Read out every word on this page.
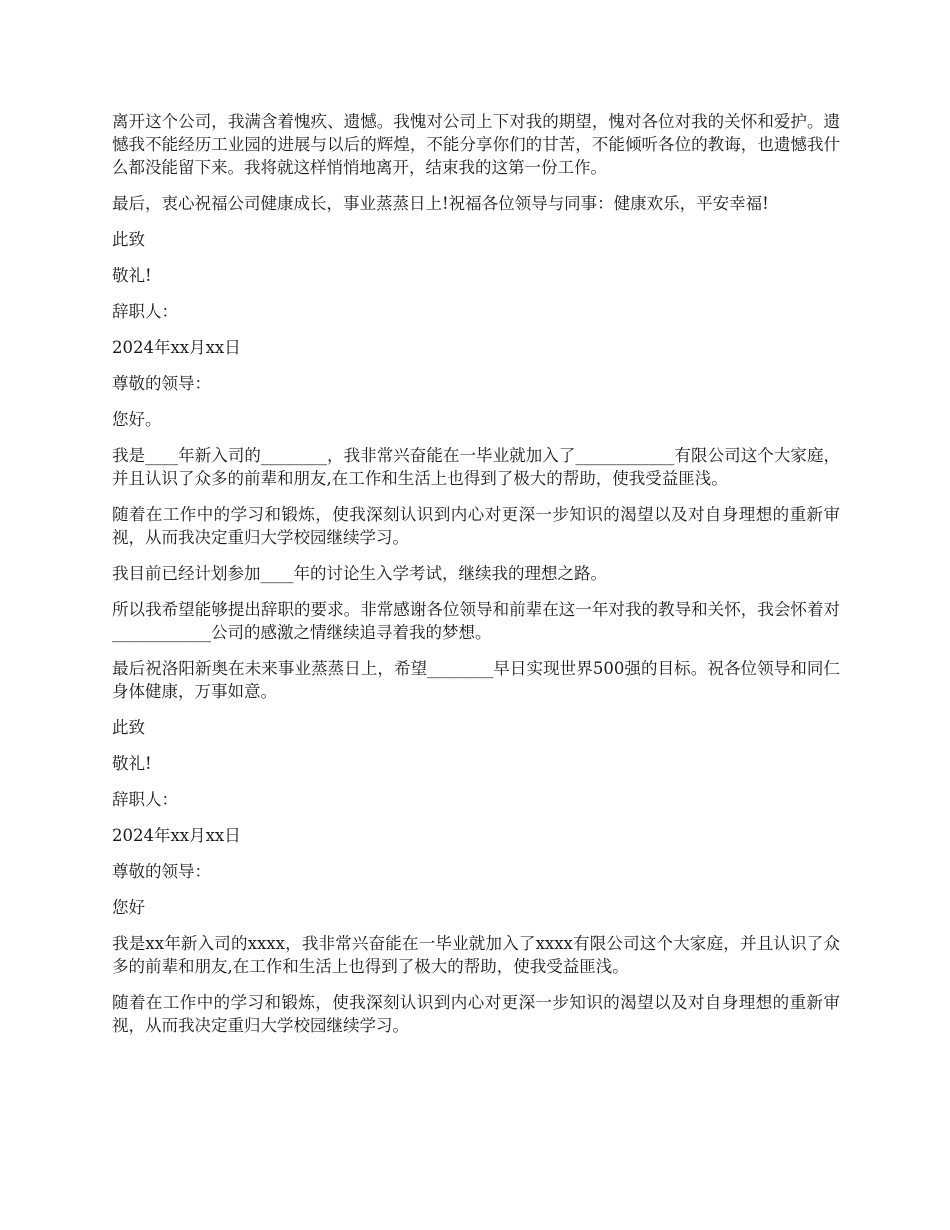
离开这个公司，我满含着愧疚、遗憾。我愧对公司上下对我的期望，愧对各位对我的关怀和爱护。遗憾我不能经历工业园的进展与以后的辉煌，不能分享你们的甘苦，不能倾听各位的教诲，也遗憾我什么都没能留下来。我将就这样悄悄地离开，结束我的这第一份工作。

最后，衷心祝福公司健康成长，事业蒸蒸日上!祝福各位领导与同事：健康欢乐，平安幸福!

此致

敬礼!

辞职人：

2024年xx月xx日

尊敬的领导：

您好。

我是____年新入司的________，我非常兴奋能在一毕业就加入了____________有限公司这个大家庭，并且认识了众多的前辈和朋友,在工作和生活上也得到了极大的帮助，使我受益匪浅。

随着在工作中的学习和锻炼，使我深刻认识到内心对更深一步知识的渴望以及对自身理想的重新审视，从而我决定重归大学校园继续学习。

我目前已经计划参加____年的讨论生入学考试，继续我的理想之路。

所以我希望能够提出辞职的要求。非常感谢各位领导和前辈在这一年对我的教导和关怀，我会怀着对____________公司的感激之情继续追寻着我的梦想。

最后祝洛阳新奥在未来事业蒸蒸日上，希望________早日实现世界500强的目标。祝各位领导和同仁身体健康，万事如意。

此致

敬礼!

辞职人：

2024年xx月xx日

尊敬的领导：

您好

我是xx年新入司的xxxx，我非常兴奋能在一毕业就加入了xxxx有限公司这个大家庭，并且认识了众多的前辈和朋友,在工作和生活上也得到了极大的帮助，使我受益匪浅。

随着在工作中的学习和锻炼，使我深刻认识到内心对更深一步知识的渴望以及对自身理想的重新审视，从而我决定重归大学校园继续学习。
